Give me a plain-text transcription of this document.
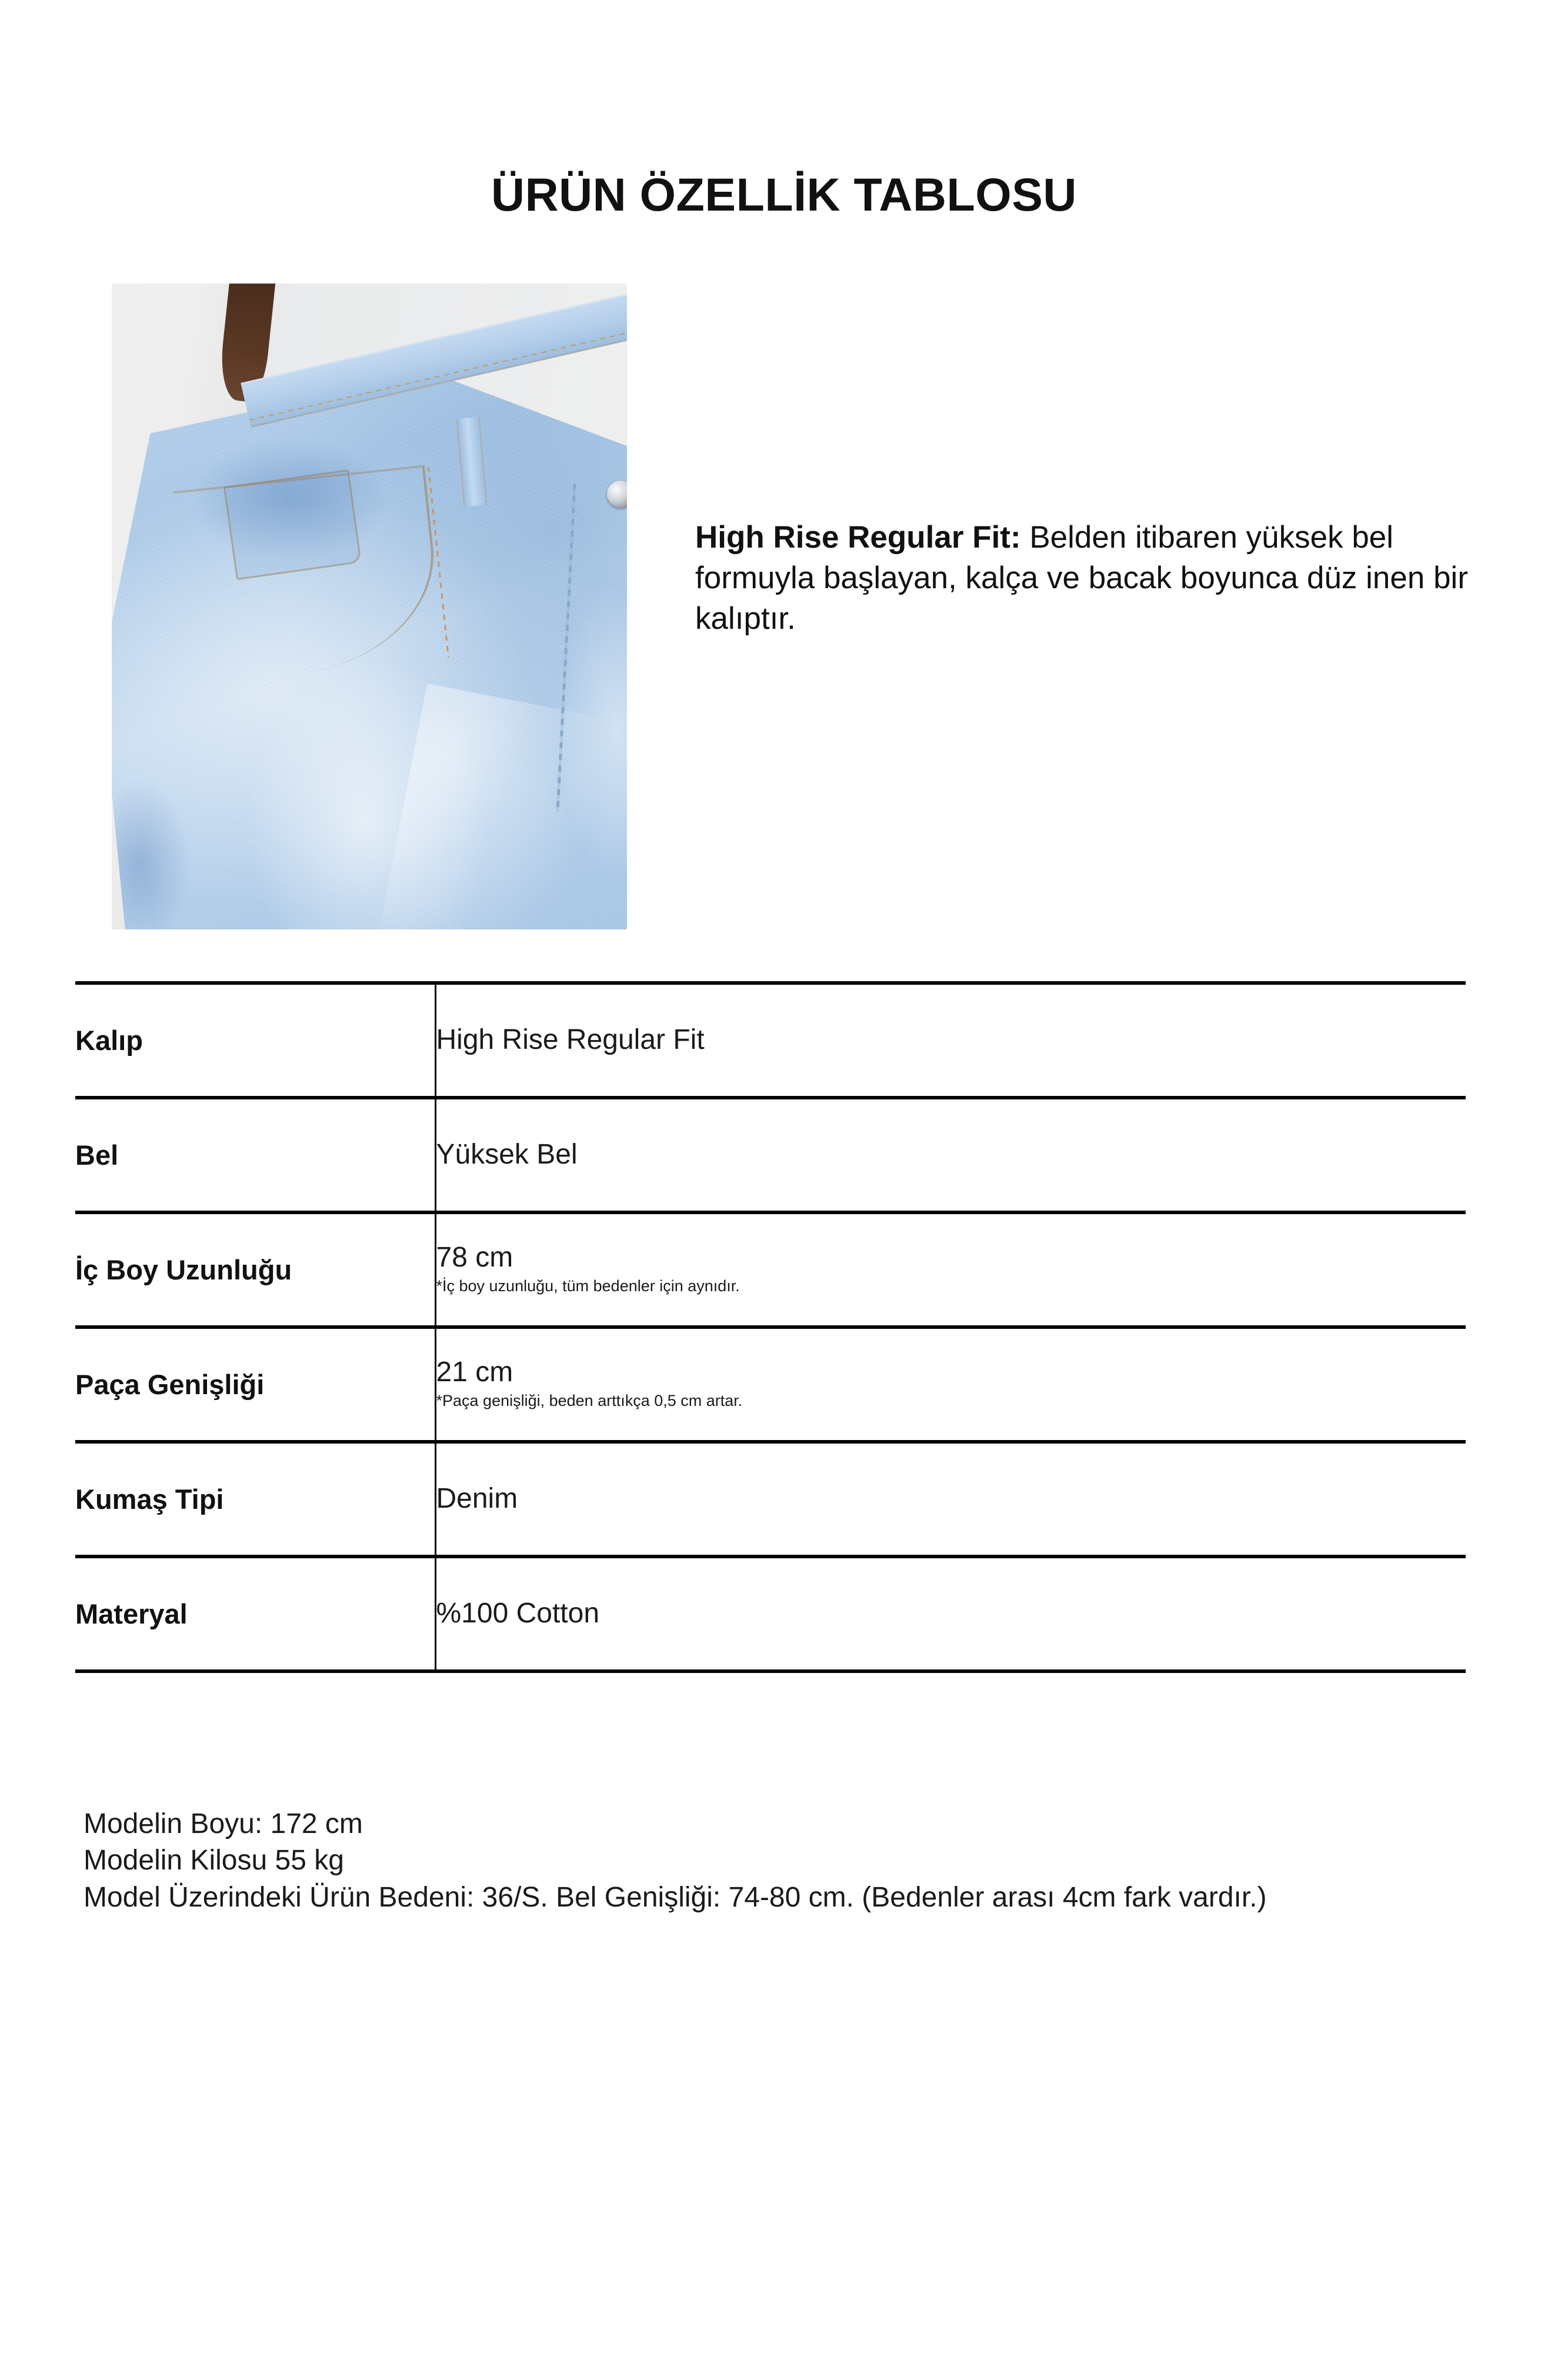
ÜRÜN ÖZELLİK TABLOSU

High Rise Regular Fit: Belden itibaren yüksek bel formuyla başlayan, kalça ve bacak boyunca düz inen bir kalıptır.

Kalıp	High Rise Regular Fit

Bel	Yüksek Bel

İç Boy Uzunluğu	78 cm
*İç boy uzunluğu, tüm bedenler için aynıdır.

Paça Genişliği	21 cm
*Paça genişliği, beden arttıkça 0,5 cm artar.

Kumaş Tipi	Denim

Materyal	%100 Cotton
Modelin Boyu: 172 cm
Modelin Kilosu 55 kg
Model Üzerindeki Ürün Bedeni: 36/S. Bel Genişliği: 74-80 cm. (Bedenler arası 4cm fark vardır.)
